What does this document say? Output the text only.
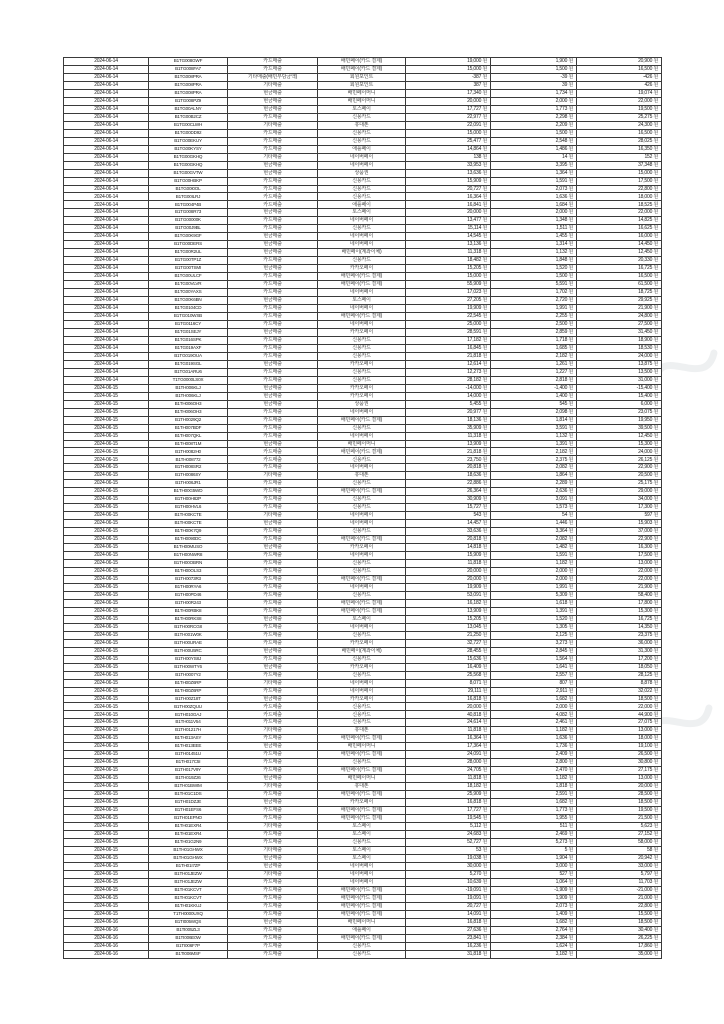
2024-06-14	B1TG008GWF	카드매출	배민페이(카드 결제)	19,000 원	1,900 원	20,900 원
2024-06-14	B1TG008FA7	카드매출	배민페이(카드 결제)	15,000 원	1,500 원	16,500 원
2024-06-14	B1TG008PRA	기타매출(배민부담금액)	회원포인트	-387 원	-39 원	-426 원
2024-06-14	B1TG008PRA	기타매출	회원포인트	387 원	39 원	426 원
2024-06-14	B1TG008PRA	현금매출	배민페이머니	17,340 원	1,734 원	19,074 원
2024-06-14	B1TG008PZ9	현금매출	배민페이머니	20,000 원	2,000 원	22,000 원
2024-06-14	B1TG00ALNY	현금매출	토스페이	17,727 원	1,773 원	19,500 원
2024-06-14	B1TG00B2CZ	카드매출	신용카드	22,977 원	2,298 원	25,275 원
2024-06-14	B1TG00CLWH	기타매출	휴대폰	22,091 원	2,209 원	24,300 원
2024-06-14	B1TG00DD92	카드매출	신용카드	15,000 원	1,500 원	16,500 원
2024-06-14	B1TG00EKUY	카드매출	신용카드	25,477 원	2,548 원	28,025 원
2024-06-14	B1TG00KYSY	카드매출	애플페이	14,864 원	1,486 원	16,350 원
2024-06-14	B1TG00GKHQ	기타매출	네이버페이	138 원	14 원	152 원
2024-06-14	B1TG00GKHQ	현금매출	네이버페이	33,953 원	3,395 원	37,348 원
2024-06-14	B1TG00GVTW	현금매출	상품권	13,636 원	1,364 원	15,000 원
2024-06-14	B1TG00HBKP	카드매출	신용카드	15,909 원	1,591 원	17,500 원
2024-06-14	B1TG00I0OL	카드매출	신용카드	20,727 원	2,073 원	22,800 원
2024-06-14	B1TG00ILRJ	카드매출	신용카드	16,364 원	1,636 원	18,000 원
2024-06-14	B1TG004P4B	카드매출	애플페이	16,841 원	1,684 원	18,525 원
2024-06-14	B1TG008R73	현금매출	토스페이	20,000 원	2,000 원	22,000 원
2024-06-14	B1TG00000K	카드매출	네이버페이	13,477 원	1,348 원	14,825 원
2024-06-14	B1TG00J9BL	카드매출	신용카드	15,114 원	1,511 원	16,625 원
2024-06-14	B1TG00K9GF	현금매출	네이버페이	14,545 원	1,455 원	16,000 원
2024-06-14	B1TG00DERS	현금매출	네이버페이	13,136 원	1,314 원	14,450 원
2024-06-14	B1TG00R2UL	현금매출	배민페이(계좌이체)	11,318 원	1,132 원	12,450 원
2024-06-14	B1TG00TP1Z	카드매출	신용카드	18,482 원	1,848 원	20,330 원
2024-06-14	B1TG00TSMI	현금매출	카카오페이	15,205 원	1,520 원	16,725 원
2024-06-14	B1TG00ULCF	카드매출	배민페이(카드 결제)	15,000 원	1,500 원	16,500 원
2024-06-14	B1TG00VLVR	카드매출	배민페이(카드 결제)	55,909 원	5,591 원	61,500 원
2024-06-14	B1TG00YAXS	카드매출	네이버페이	17,023 원	1,702 원	18,725 원
2024-06-14	B1TG00K6BN	현금매출	토스페이	27,205 원	2,720 원	29,925 원
2024-06-14	B1TG0104CD	카드매출	네이버페이	19,909 원	1,991 원	21,900 원
2024-06-14	B1TG010WSB	카드매출	배민페이(카드 결제)	22,545 원	2,255 원	24,800 원
2024-06-14	B1TG0116CY	카드매출	네이버페이	25,000 원	2,500 원	27,500 원
2024-06-14	B1TG01SEJY	현금매출	카카오페이	28,591 원	2,859 원	31,450 원
2024-06-14	B1TG016SPK	카드매출	신용카드	17,182 원	1,718 원	18,900 원
2024-06-14	B1TG019AXF	카드매출	신용카드	16,845 원	1,685 원	18,530 원
2024-06-14	B1TG019OUA	카드매출	신용카드	21,818 원	2,182 원	24,000 원
2024-06-14	B1TG019SGL	현금매출	카카오페이	12,614 원	1,261 원	13,875 원
2024-06-14	B1TG01ARU6	카드매출	신용카드	12,273 원	1,227 원	13,500 원
2024-06-14	T1TG0000LS0X	카드매출	신용카드	28,182 원	2,818 원	31,000 원
2024-06-15	B1TH006KLJ	현금매출	카카오페이	-14,000 원	-1,400 원	-15,400 원
2024-06-15	B1TH006KLJ	현금매출	카카오페이	14,000 원	1,400 원	15,400 원
2024-06-15	B1TH006OH3	현금매출	상품권	5,455 원	545 원	6,000 원
2024-06-15	B1TH006OH3	카드매출	네이버페이	20,977 원	2,098 원	23,075 원
2024-06-15	B1TH0029Q2	카드매출	배민페이(카드 결제)	18,136 원	1,814 원	19,950 원
2024-06-15	B1TH007BDF	카드매출	신용카드	35,909 원	3,591 원	39,500 원
2024-06-15	B1TH007QKL	카드매출	네이버페이	11,318 원	1,132 원	12,450 원
2024-06-15	B1TH008T1M	현금매출	배민페이머니	13,909 원	1,391 원	15,300 원
2024-06-15	B1TH0082H0	카드매출	배민페이(카드 결제)	21,818 원	2,182 원	24,000 원
2024-06-15	B1TH008772	카드매출	신용카드	23,750 원	2,375 원	26,125 원
2024-06-15	B1TH008SR2	카드매출	네이버페이	20,818 원	2,082 원	22,900 원
2024-06-15	B1TH0086SY	기타매출	휴대폰	18,636 원	1,864 원	20,500 원
2024-06-15	B1TH006JR1	카드매출	신용카드	22,886 원	2,289 원	25,175 원
2024-06-15	B1TH00G5WD	카드매출	배민페이(카드 결제)	26,364 원	2,636 원	29,000 원
2024-06-15	B1TH00H82P	카드매출	신용카드	30,909 원	3,091 원	34,000 원
2024-06-15	B1TH00HVL6	카드매출	신용카드	15,727 원	1,573 원	17,300 원
2024-06-15	B1TH00KCTE	기타매출	네이버페이	543 원	54 원	597 원
2024-06-15	B1TH00KCTE	현금매출	네이버페이	14,457 원	1,446 원	15,903 원
2024-06-15	B1TH00K7Q9	카드매출	신용카드	33,636 원	3,364 원	37,000 원
2024-06-15	B1TH0090DC	카드매출	배민페이(카드 결제)	20,818 원	2,082 원	22,900 원
2024-06-15	B1TH00MUSO	현금매출	카카오페이	14,818 원	1,482 원	16,300 원
2024-06-15	B1TH00NWR8	카드매출	네이버페이	15,909 원	1,591 원	17,500 원
2024-06-15	B1TH00OBRN	카드매출	신용카드	11,818 원	1,182 원	13,000 원
2024-06-15	B1TH00OLS3	카드매출	신용카드	20,000 원	2,000 원	22,000 원
2024-06-15	B1TH0073R3	카드매출	배민페이(카드 결제)	20,000 원	2,000 원	22,000 원
2024-06-15	B1TH00RYA6	카드매출	네이버페이	19,909 원	1,991 원	21,900 원
2024-06-15	B1TH00PD46	카드매출	신용카드	53,091 원	5,309 원	58,400 원
2024-06-15	B1TH00R243	카드매출	배민페이(카드 결제)	16,182 원	1,618 원	17,800 원
2024-06-15	B1TH00RBK8	카드매출	배민페이(카드 결제)	13,909 원	1,391 원	15,300 원
2024-06-15	B1TH00RKS8	현금매출	토스페이	15,205 원	1,520 원	16,725 원
2024-06-15	B1TH00RCG8	카드매출	네이버페이	13,045 원	1,305 원	14,350 원
2024-06-15	B1TH001W0K	카드매출	신용카드	21,250 원	2,125 원	23,375 원
2024-06-15	B1TH00URAE	카드매출	카카오페이	32,727 원	3,273 원	36,000 원
2024-06-15	B1TH00U5RC	현금매출	배민페이(계좌이체)	28,455 원	2,845 원	31,300 원
2024-06-15	B1TH00YS8J	카드매출	신용카드	15,636 원	1,564 원	17,200 원
2024-06-15	B1TH00WTY6	현금매출	카카오페이	16,409 원	1,641 원	18,050 원
2024-06-15	B1TH0007Y2	카드매출	신용카드	25,568 원	2,557 원	28,125 원
2024-06-15	B1TH00Z6RP	기타매출	네이버페이	8,071 원	807 원	8,878 원
2024-06-15	B1TH00Z6RP	카드매출	네이버페이	29,111 원	2,911 원	32,022 원
2024-06-15	B1TH00Z18T	현금매출	카카오페이	16,818 원	1,682 원	18,500 원
2024-06-15	B1TH00ZQUU	카드매출	신용카드	20,000 원	2,000 원	22,000 원
2024-06-15	B1TH010GAJ	카드매출	신용카드	40,818 원	4,082 원	44,900 원
2024-06-15	B1TH011V54	카드매출	신용카드	24,614 원	2,461 원	27,075 원
2024-06-15	B1TH01217H	기타매출	휴대폰	11,818 원	1,182 원	13,000 원
2024-06-15	B1TH013ASY	카드매출	배민페이(카드 결제)	16,364 원	1,636 원	18,000 원
2024-06-15	B1TH013EEE	현금매출	배민페이머니	17,364 원	1,736 원	19,100 원
2024-06-15	B1TH01451U	카드매출	배민페이(카드 결제)	24,091 원	2,409 원	26,500 원
2024-06-15	B1TH017C5I	카드매출	신용카드	28,000 원	2,800 원	30,800 원
2024-06-15	B1TH017V9Y	카드매출	배민페이(카드 결제)	24,705 원	2,470 원	27,175 원
2024-06-15	B1TH019Z26	현금매출	배민페이머니	11,818 원	1,182 원	13,000 원
2024-06-15	B1TH01BWIM	기타매출	휴대폰	18,182 원	1,818 원	20,000 원
2024-06-15	B1TH01C1DS	카드매출	배민페이(카드 결제)	25,909 원	2,591 원	28,500 원
2024-06-15	B1TH01DZJE	현금매출	카카오페이	16,818 원	1,682 원	18,500 원
2024-06-15	B1TH01EFS6	카드매출	배민페이(카드 결제)	17,727 원	1,773 원	19,500 원
2024-06-15	B1TH01EPNO	카드매출	배민페이(카드 결제)	19,545 원	1,955 원	21,500 원
2024-06-15	B1TH01EXR4	기타매출	토스페이	5,112 원	511 원	5,623 원
2024-06-15	B1TH01EXR4	카드매출	토스페이	24,683 원	2,469 원	27,152 원
2024-06-15	B1TH01G2N9	카드매출	신용카드	52,727 원	5,273 원	58,000 원
2024-06-15	B1TH01GHWX	기타매출	토스페이	53 원	5 원	58 원
2024-06-15	B1TH01GHWX	현금매출	토스페이	19,038 원	1,904 원	20,942 원
2024-06-15	B1TH01I7ZP	현금매출	네이버페이	30,000 원	3,000 원	33,000 원
2024-06-15	B1TH01JEZW	기타매출	네이버페이	5,270 원	527 원	5,797 원
2024-06-15	B1TH01JEZW	카드매출	네이버페이	10,639 원	1,064 원	11,703 원
2024-06-15	B1TH01KCVT	카드매출	배민페이(카드 결제)	-19,091 원	-1,909 원	-21,000 원
2024-06-15	B1TH01KCVT	카드매출	배민페이(카드 결제)	19,091 원	1,909 원	21,000 원
2024-06-15	B1TH01KKUJ	카드매출	배민페이(카드 결제)	20,727 원	2,073 원	22,800 원
2024-06-15	T1TH0000UXQ	카드매출	배민페이(카드 결제)	14,091 원	1,409 원	15,500 원
2024-06-16	B1TI005WQS	현금매출	배민페이머니	16,818 원	1,682 원	18,500 원
2024-06-16	B1TI005ZL3	카드매출	애플페이	27,636 원	2,764 원	30,400 원
2024-06-16	B1TI006E0W	카드매출	배민페이(카드 결제)	23,841 원	2,384 원	26,225 원
2024-06-16	B1TI006F7P	카드매출	신용카드	16,236 원	1,624 원	17,860 원
2024-06-16	B1TI006MSF	카드매출	신용카드	31,818 원	3,182 원	35,000 원
